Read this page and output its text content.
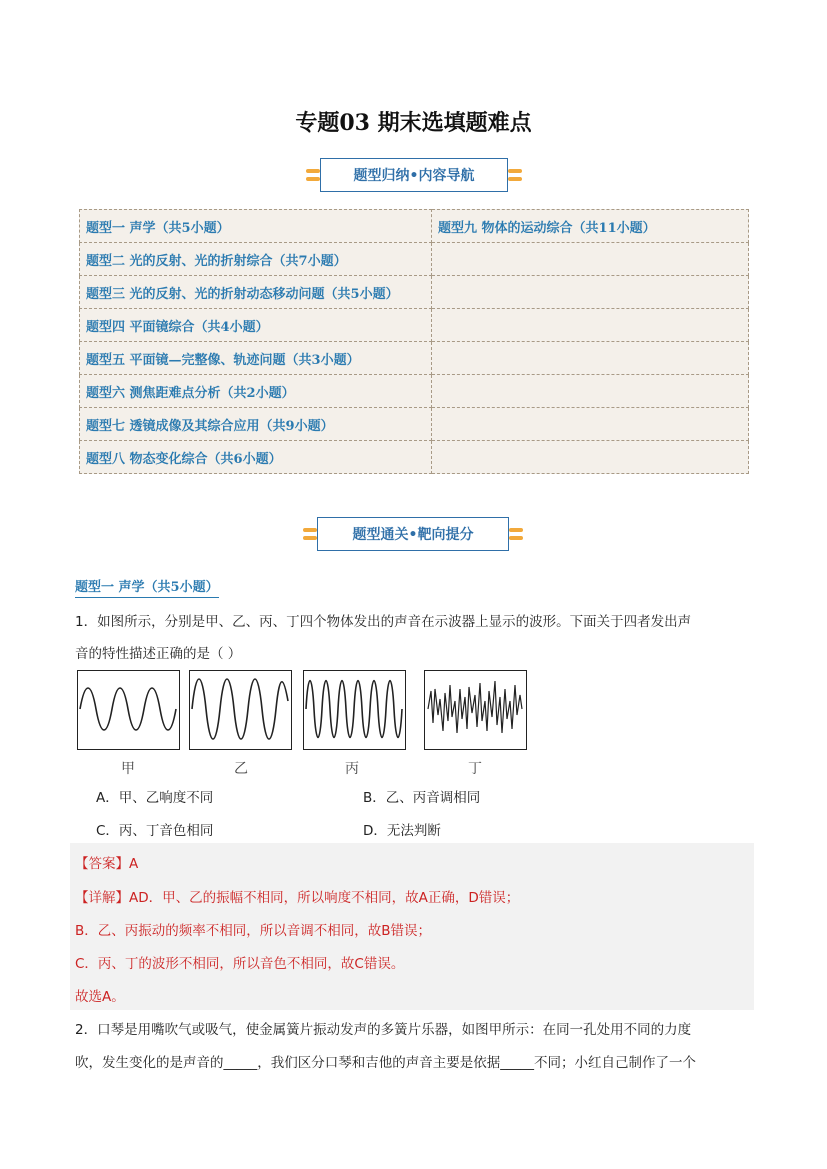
专题03 期末选填题难点
题型归纳•内容导航
题型一 声学（共5小题）	题型九 物体的运动综合（共11小题）
题型二 光的反射、光的折射综合（共7小题）	
题型三 光的反射、光的折射动态移动问题（共5小题）	
题型四 平面镜综合（共4小题）	
题型五 平面镜—完整像、轨迹问题（共3小题）	
题型六 测焦距难点分析（共2小题）	
题型七 透镜成像及其综合应用（共9小题）	
题型八 物态变化综合（共6小题）	
题型通关•靶向提分
题型一 声学（共5小题）
1．如图所示，分别是甲、乙、丙、丁四个物体发出的声音在示波器上显示的波形。下面关于四者发出声
音的特性描述正确的是（ ）
甲	乙	丙	丁
A．甲、乙响度不同	B．乙、丙音调相同
C．丙、丁音色相同	D．无法判断
【答案】A
【详解】AD．甲、乙的振幅不相同，所以响度不相同，故A正确，D错误；
B．乙、丙振动的频率不相同，所以音调不相同，故B错误；
C．丙、丁的波形不相同，所以音色不相同，故C错误。
故选A。
2．口琴是用嘴吹气或吸气，使金属簧片振动发声的多簧片乐器，如图甲所示：在同一孔处用不同的力度
吹，发生变化的是声音的_____，我们区分口琴和吉他的声音主要是依据_____不同；小红自己制作了一个
